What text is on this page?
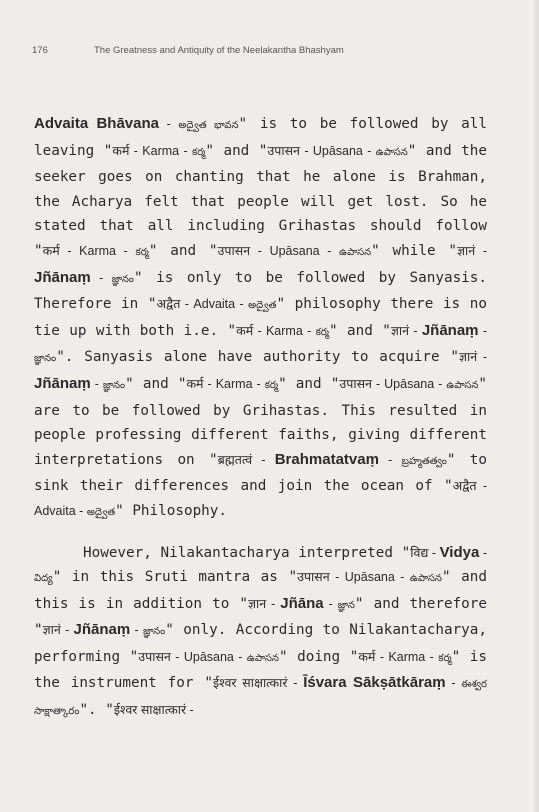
176	The Greatness and Antiquity of the Neelakantha Bhashyam

Advaita Bhāvana - అద్వైత భావన" is to be followed by all leaving "कर्म - Karma - కర్మ" and "उपासन - Upāsana - ఉపాసన" and the seeker goes on chanting that he alone is Brahman, the Acharya felt that people will get lost. So he stated that all including Grihastas should follow "कर्म - Karma - కర్మ" and "उपासन - Upāsana - ఉపాసన" while "ज्ञानं - Jñānaṃ - జ్ఞానం" is only to be followed by Sanyasis. Therefore in "अद्वैत - Advaita - అద్వైత" philosophy there is no tie up with both i.e. "कर्म - Karma - కర్మ" and "ज्ञानं - Jñānaṃ - జ్ఞానం". Sanyasis alone have authority to acquire "ज्ञानं - Jñānaṃ - జ్ఞానం" and "कर्म - Karma - కర్మ" and "उपासन - Upāsana - ఉపాసన" are to be followed by Grihastas. This resulted in people professing different faiths, giving different interpretations on "ब्रह्मतत्वं - Brahmatatvaṃ - బ్రహ్మతత్వం" to sink their differences and join the ocean of "अद्वैत - Advaita - అద్వైత" Philosophy.

However, Nilakantacharya interpreted "विद्य - Vidya - విద్య" in this Sruti mantra as "उपासन - Upāsana - ఉపాసన" and this is in addition to "ज्ञान - Jñāna - జ్ఞాన" and therefore "ज्ञानं - Jñānaṃ - జ్ఞానం" only. According to Nilakantacharya, performing "उपासन - Upāsana - ఉపాసన" doing "कर्म - Karma - కర్మ" is the instrument for "ईश्वर साक्षात्कारं - Īśvara Sākṣātkāraṃ - ఈశ్వర సాక్షాత్కారం". "ईश्वर साक्षात्कारं -
